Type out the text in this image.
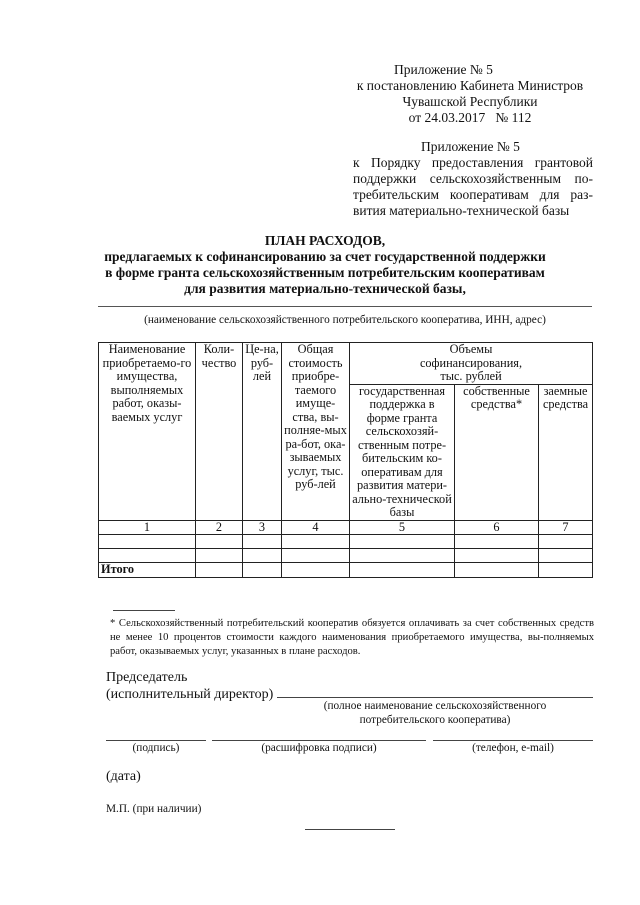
Приложение № 5
к постановлению Кабинета Министров
Чувашской Республики
от 24.03.2017   № 112
Приложение № 5
к Порядку предоставления грантовой поддержки сельскохозяйственным по-требительским кооперативам для раз-вития материально-технической базы
ПЛАН РАСХОДОВ,
предлагаемых к софинансированию за счет государственной поддержки
в форме гранта сельскохозяйственным потребительским кооперативам
для развития материально-технической базы,
(наименование сельскохозяйственного потребительского кооператива, ИНН, адрес)
Наименование приобретаемо-го имущества, выполняемых работ, оказы-ваемых услуг	Коли-чество	Це-на, руб-лей	Общая стоимость приобре-таемого имуще-ства, вы-полняе-мых ра-бот, ока-зываемых услуг, тыс. руб-лей	Объемы софинансирования, тыс. рублей		
				государственная поддержка в форме гранта сельскохозяй-ственным потре-бительским ко-оперативам для развития матери-ально-технической базы	собственные средства*	заемные средства
1	2	3	4	5	6	7

Итого						
* Сельскохозяйственный потребительский кооператив обязуется оплачивать за счет собственных средств не менее 10 процентов стоимости каждого наименования приобретаемого имущества, вы-полняемых работ, оказываемых услуг, указанных в плане расходов.
Председатель
(исполнительный директор)
(полное наименование сельскохозяйственного
потребительского кооператива)
(подпись)	(расшифровка подписи)	(телефон, е-mail)
(дата)
М.П. (при наличии)
